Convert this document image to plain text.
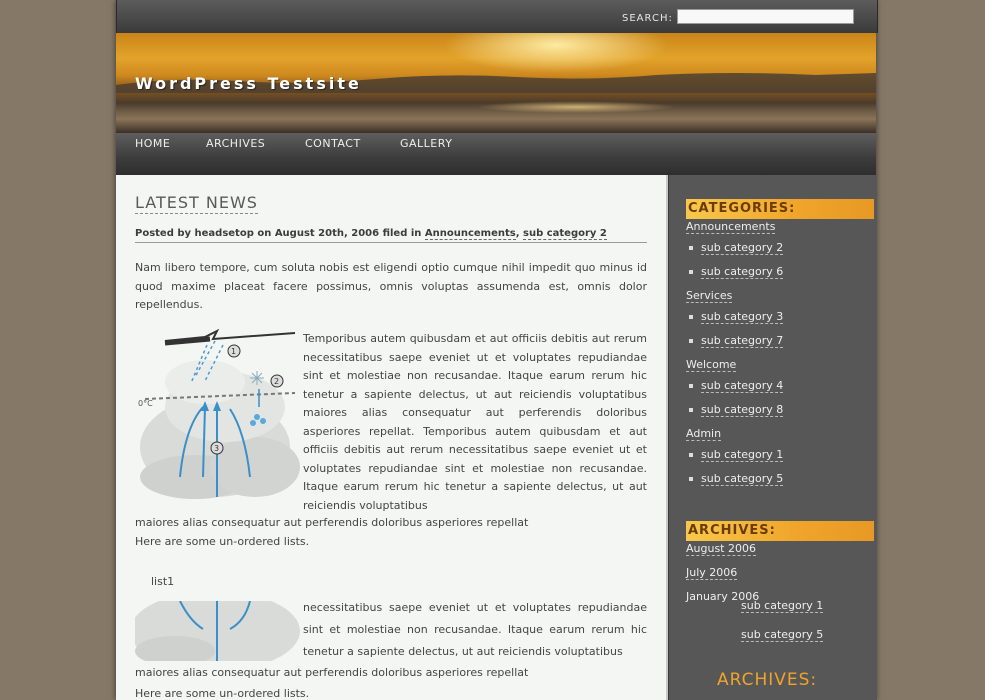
SEARCH:
WordPress Testsite
HOME	ARCHIVES	CONTACT	GALLERY
LATEST NEWS
Posted by headsetop on August 20th, 2006 filed in Announcements, sub category 2
Nam libero tempore, cum soluta nobis est eligendi optio cumque nihil impedit quo minus id quod maxime placeat facere possimus, omnis voluptas assumenda est, omnis dolor repellendus.
1
2
3
0°C
Temporibus autem quibusdam et aut officiis debitis aut rerum necessitatibus saepe eveniet ut et voluptates repudiandae sint et molestiae non recusandae. Itaque earum rerum hic tenetur a sapiente delectus, ut aut reiciendis voluptatibus maiores alias consequatur aut perferendis doloribus asperiores repellat. Temporibus autem quibusdam et aut officiis debitis aut rerum necessitatibus saepe eveniet ut et voluptates repudiandae sint et molestiae non recusandae. Itaque earum rerum hic tenetur a sapiente delectus, ut aut reiciendis voluptatibus
maiores alias consequatur aut perferendis doloribus asperiores repellat
Here are some un-ordered lists.
list1
necessitatibus saepe eveniet ut et voluptates repudiandae sint et molestiae non recusandae. Itaque earum rerum hic tenetur a sapiente delectus, ut aut reiciendis voluptatibus
maiores alias consequatur aut perferendis doloribus asperiores repellat
Here are some un-ordered lists.
CATEGORIES:
Announcements
sub category 2
sub category 6
Services
sub category 3
sub category 7
Welcome
sub category 4
sub category 8
Admin
sub category 1
sub category 5
ARCHIVES:
August 2006
July 2006
January 2006
sub category 1
sub category 5
ARCHIVES:
